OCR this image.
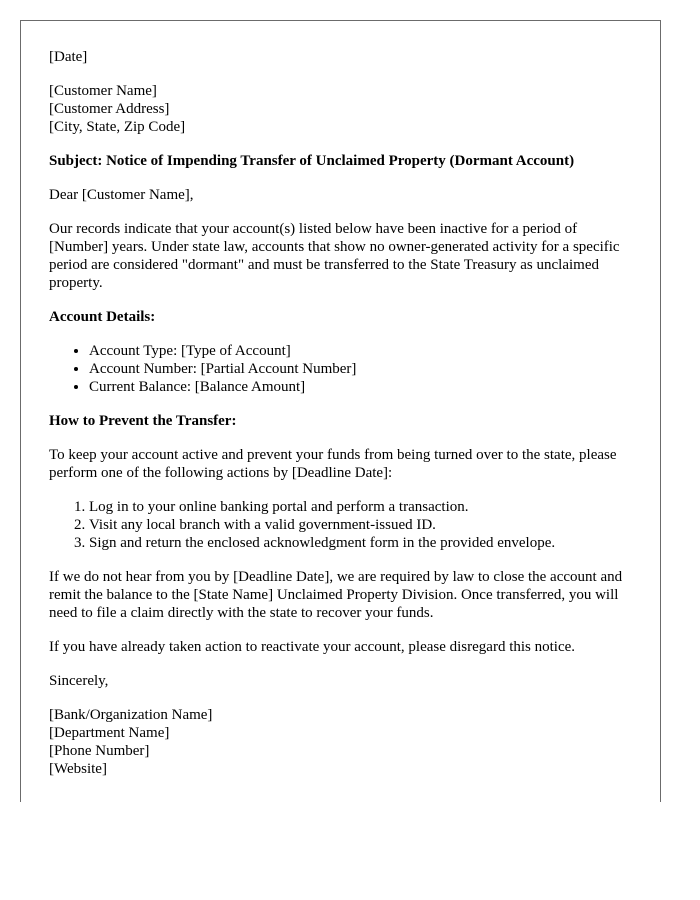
[Date]

[Customer Name]
[Customer Address]
[City, State, Zip Code]

Subject: Notice of Impending Transfer of Unclaimed Property (Dormant Account)

Dear [Customer Name],

Our records indicate that your account(s) listed below have been inactive for a period of [Number] years. Under state law, accounts that show no owner-generated activity for a specific period are considered "dormant" and must be transferred to the State Treasury as unclaimed property.

Account Details:

• Account Type: [Type of Account]
• Account Number: [Partial Account Number]
• Current Balance: [Balance Amount]

How to Prevent the Transfer:

To keep your account active and prevent your funds from being turned over to the state, please perform one of the following actions by [Deadline Date]:

1. Log in to your online banking portal and perform a transaction.
2. Visit any local branch with a valid government-issued ID.
3. Sign and return the enclosed acknowledgment form in the provided envelope.

If we do not hear from you by [Deadline Date], we are required by law to close the account and remit the balance to the [State Name] Unclaimed Property Division. Once transferred, you will need to file a claim directly with the state to recover your funds.

If you have already taken action to reactivate your account, please disregard this notice.

Sincerely,

[Bank/Organization Name]
[Department Name]
[Phone Number]
[Website]
